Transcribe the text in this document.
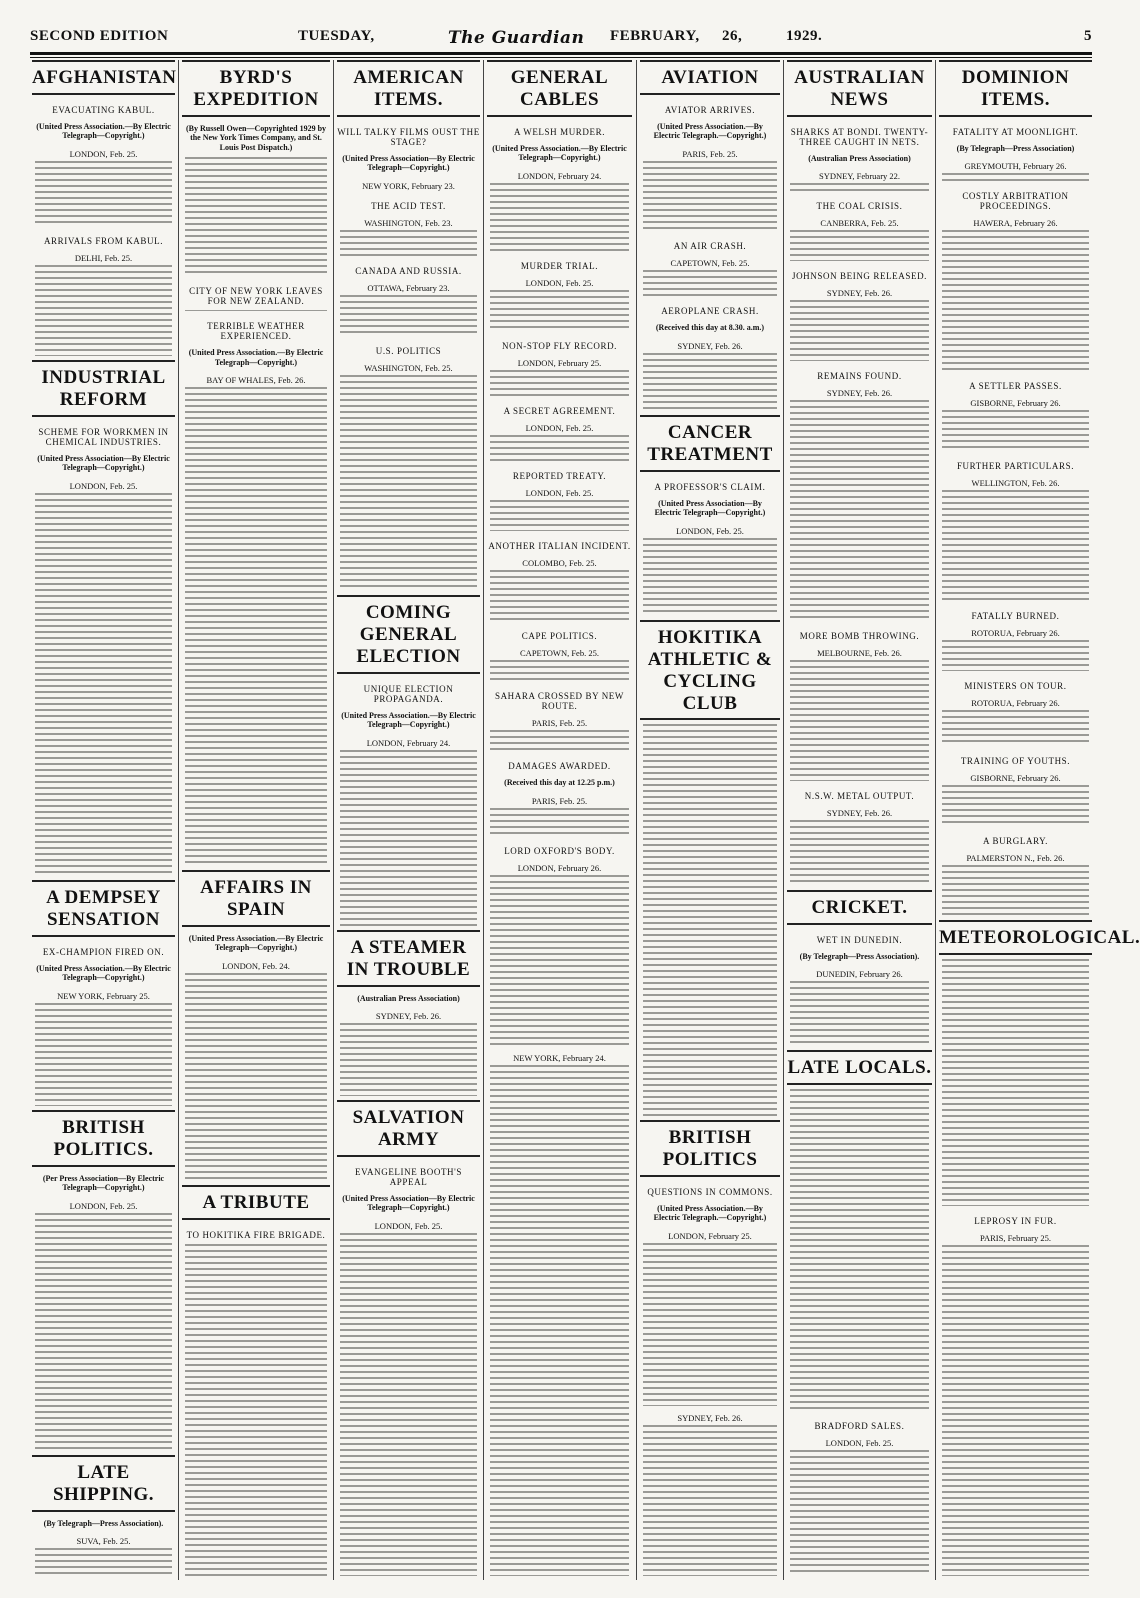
SECOND EDITION	TUESDAY,	The Guardian FEBRUARY, 26,	1929.	5
AFGHANISTAN
EVACUATING KABUL.
(United Press Association.—By Electric Telegraph—Copyright.)
LONDON, Feb. 25.
ARRIVALS FROM KABUL.
DELHI, Feb. 25.
INDUSTRIAL REFORM
SCHEME FOR WORKMEN IN CHEMICAL INDUSTRIES.
(United Press Association—By Electric Telegraph—Copyright.)
LONDON, Feb. 25.
A DEMPSEY SENSATION
EX-CHAMPION FIRED ON.
(United Press Association.—By Electric Telegraph—Copyright.)
NEW YORK, February 25.
BRITISH POLITICS.
(Per Press Association—By Electric Telegraph—Copyright.)
LONDON, Feb. 25.
LATE SHIPPING.
(By Telegraph—Press Association).
SUVA, Feb. 25.
BYRD'S EXPEDITION
(By Russell Owen—Copyrighted 1929 by the New York Times Company, and St. Louis Post Dispatch.)
CITY OF NEW YORK LEAVES FOR NEW ZEALAND.
TERRIBLE WEATHER EXPERIENCED.
(United Press Association.—By Electric Telegraph—Copyright.)
BAY OF WHALES, Feb. 26.
AFFAIRS IN SPAIN
(United Press Association.—By Electric Telegraph—Copyright.)
LONDON, Feb. 24.
A TRIBUTE
TO HOKITIKA FIRE BRIGADE.
AMERICAN ITEMS.
WILL TALKY FILMS OUST THE STAGE?
(United Press Association—By Electric Telegraph—Copyright.)
NEW YORK, February 23.
THE ACID TEST.
WASHINGTON, Feb. 23.
CANADA AND RUSSIA.
OTTAWA, February 23.
U.S. POLITICS
WASHINGTON, Feb. 25.
COMING GENERAL ELECTION
UNIQUE ELECTION PROPAGANDA.
(United Press Association.—By Electric Telegraph—Copyright.)
LONDON, February 24.
A STEAMER IN TROUBLE
(Australian Press Association)
SYDNEY, Feb. 26.
SALVATION ARMY
EVANGELINE BOOTH'S APPEAL
(United Press Association—By Electric Telegraph—Copyright.)
LONDON, Feb. 25.
GENERAL CABLES
A WELSH MURDER.
(United Press Association.—By Electric Telegraph—Copyright.)
LONDON, February 24.
MURDER TRIAL.
LONDON, Feb. 25.
NON-STOP FLY RECORD.
LONDON, February 25.
A SECRET AGREEMENT.
LONDON, Feb. 25.
REPORTED TREATY.
LONDON, Feb. 25.
ANOTHER ITALIAN INCIDENT.
COLOMBO, Feb. 25.
CAPE POLITICS.
CAPETOWN, Feb. 25.
SAHARA CROSSED BY NEW ROUTE.
PARIS, Feb. 25.
DAMAGES AWARDED.
(Received this day at 12.25 p.m.)
PARIS, Feb. 25.
LORD OXFORD'S BODY.
LONDON, February 26.
NEW YORK, February 24.
AVIATION
AVIATOR ARRIVES.
(United Press Association.—By Electric Telegraph.—Copyright.)
PARIS, Feb. 25.
AN AIR CRASH.
CAPETOWN, Feb. 25.
AEROPLANE CRASH.
(Received this day at 8.30. a.m.)
SYDNEY, Feb. 26.
CANCER TREATMENT
A PROFESSOR'S CLAIM.
(United Press Association—By Electric Telegraph—Copyright.)
LONDON, Feb. 25.
HOKITIKA ATHLETIC & CYCLING CLUB
BRITISH POLITICS
QUESTIONS IN COMMONS.
(United Press Association.—By Electric Telegraph.—Copyright.)
LONDON, February 25.
SYDNEY, Feb. 26.
AUSTRALIAN NEWS
SHARKS AT BONDI. TWENTY-THREE CAUGHT IN NETS.
(Australian Press Association)
SYDNEY, February 22.
THE COAL CRISIS.
CANBERRA, Feb. 25.
JOHNSON BEING RELEASED.
SYDNEY, Feb. 26.
REMAINS FOUND.
SYDNEY, Feb. 26.
MORE BOMB THROWING.
MELBOURNE, Feb. 26.
N.S.W. METAL OUTPUT.
SYDNEY, Feb. 26.
CRICKET.
WET IN DUNEDIN.
(By Telegraph—Press Association).
DUNEDIN, February 26.
LATE LOCALS.
BRADFORD SALES.
LONDON, Feb. 25.
DOMINION ITEMS.
FATALITY AT MOONLIGHT.
(By Telegraph—Press Association)
GREYMOUTH, February 26.
COSTLY ARBITRATION PROCEEDINGS.
HAWERA, February 26.
A SETTLER PASSES.
GISBORNE, February 26.
FURTHER PARTICULARS.
WELLINGTON, Feb. 26.
FATALLY BURNED.
ROTORUA, February 26.
MINISTERS ON TOUR.
ROTORUA, February 26.
TRAINING OF YOUTHS.
GISBORNE, February 26.
A BURGLARY.
PALMERSTON N., Feb. 26.
METEOROLOGICAL.
LEPROSY IN FUR.
PARIS, February 25.
